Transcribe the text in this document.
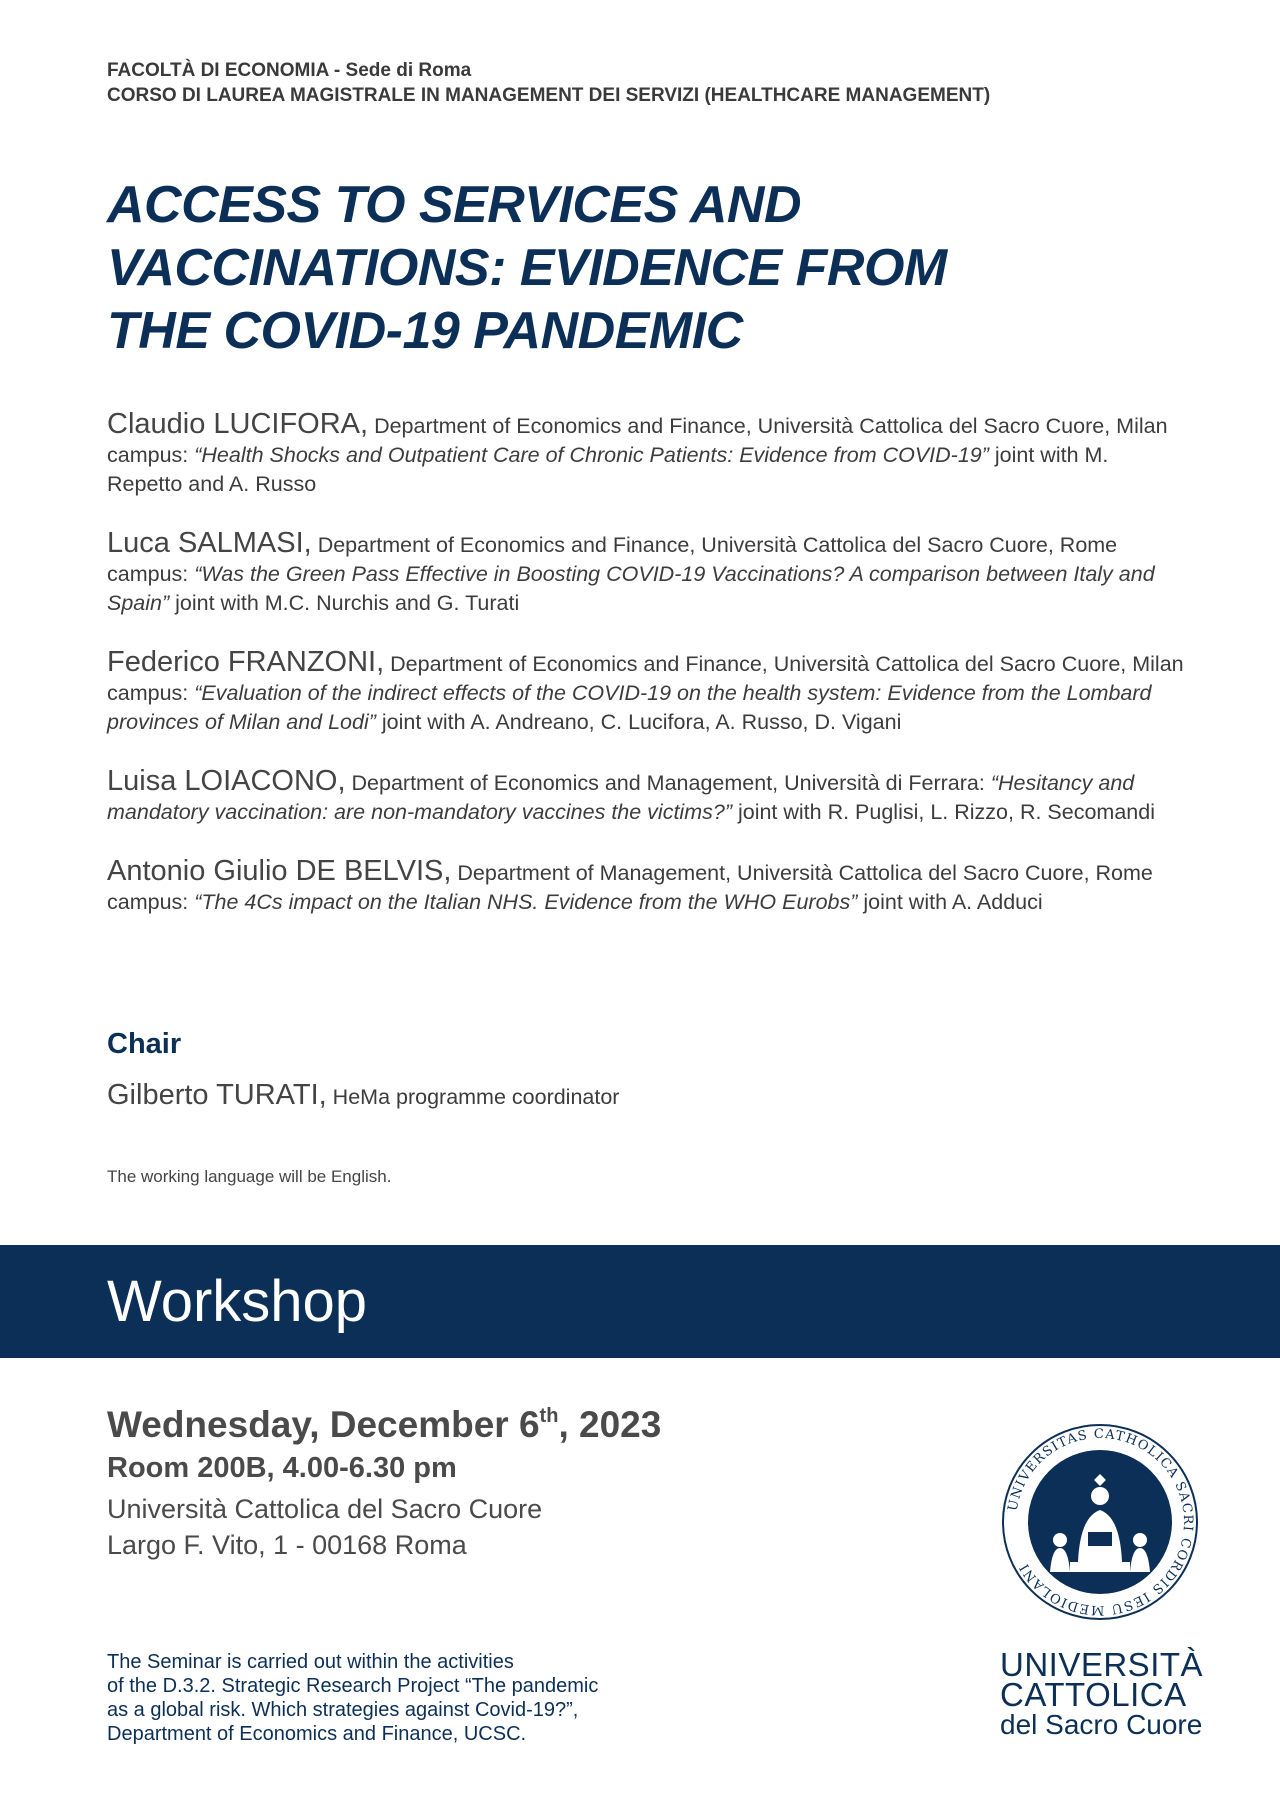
FACOLTÀ DI ECONOMIA - Sede di Roma
CORSO DI LAUREA MAGISTRALE IN MANAGEMENT DEI SERVIZI (HEALTHCARE MANAGEMENT)
ACCESS TO SERVICES AND
VACCINATIONS: EVIDENCE FROM
THE COVID-19 PANDEMIC
Claudio LUCIFORA, Department of Economics and Finance, Università Cattolica del Sacro Cuore, Milan campus: “Health Shocks and Outpatient Care of Chronic Patients: Evidence from COVID-19” joint with M. Repetto and A. Russo
Luca SALMASI, Department of Economics and Finance, Università Cattolica del Sacro Cuore, Rome campus: “Was the Green Pass Effective in Boosting COVID-19 Vaccinations? A comparison between Italy and Spain” joint with M.C. Nurchis and G. Turati
Federico FRANZONI, Department of Economics and Finance, Università Cattolica del Sacro Cuore, Milan campus: “Evaluation of the indirect effects of the COVID-19 on the health system: Evidence from the Lombard provinces of Milan and Lodi” joint with A. Andreano, C. Lucifora, A. Russo, D. Vigani
Luisa LOIACONO, Department of Economics and Management, Università di Ferrara: “Hesitancy and mandatory vaccination: are non-mandatory vaccines the victims?” joint with R. Puglisi, L. Rizzo, R. Secomandi
Antonio Giulio DE BELVIS, Department of Management, Università Cattolica del Sacro Cuore, Rome campus: “The 4Cs impact on the Italian NHS. Evidence from the WHO Eurobs” joint with A. Adduci
Chair
Gilberto TURATI, HeMa programme coordinator
The working language will be English.
Workshop
Wednesday, December 6th, 2023
Room 200B, 4.00-6.30 pm
Università Cattolica del Sacro Cuore
Largo F. Vito, 1 - 00168 Roma
The Seminar is carried out within the activities
of the D.3.2. Strategic Research Project “The pandemic
as a global risk. Which strategies against Covid-19?”,
Department of Economics and Finance, UCSC.
UNIVERSITAS CATHOLICA SACRI CORDIS IESU MEDIOLANI
UNIVERSITÀ
CATTOLICA
del Sacro Cuore
